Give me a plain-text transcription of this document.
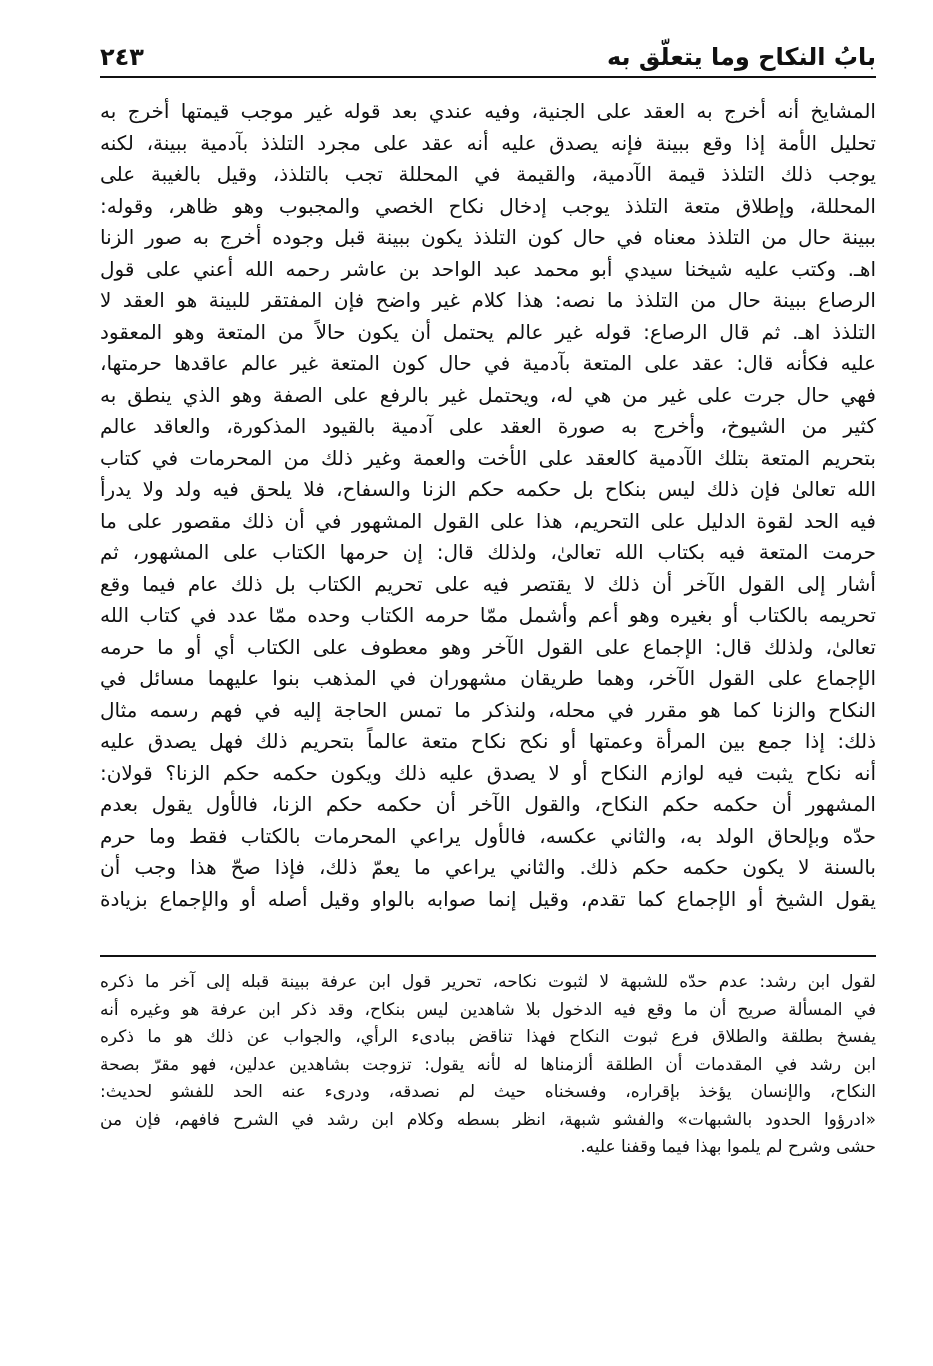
بابُ النكاح وما يتعلّق به
٢٤٣
المشايخ أنه أخرج به العقد على الجنية، وفيه عندي بعد قوله غير موجب قيمتها أخرج به
تحليل الأمة إذا وقع ببينة فإنه يصدق عليه أنه عقد على مجرد التلذذ بآدمية ببينة، لكنه
يوجب ذلك التلذذ قيمة الآدمية، والقيمة في المحللة تجب بالتلذذ، وقيل بالغيبة على
المحللة، وإطلاق متعة التلذذ يوجب إدخال نكاح الخصي والمجبوب وهو ظاهر، وقوله:
ببينة حال من التلذذ معناه في حال كون التلذذ يكون ببينة قبل وجوده أخرج به صور الزنا
اهـ. وكتب عليه شيخنا سيدي أبو محمد عبد الواحد بن عاشر رحمه الله أعني على قول
الرصاع ببينة حال من التلذذ ما نصه: هذا كلام غير واضح فإن المفتقر للبينة هو العقد لا
التلذذ اهـ. ثم قال الرصاع: قوله غير عالم يحتمل أن يكون حالاً من المتعة وهو المعقود
عليه فكأنه قال: عقد على المتعة بآدمية في حال كون المتعة غير عالم عاقدها حرمتها،
فهي حال جرت على غير من هي له، ويحتمل غير بالرفع على الصفة وهو الذي ينطق به
كثير من الشيوخ، وأخرج به صورة العقد على آدمية بالقيود المذكورة، والعاقد عالم
بتحريم المتعة بتلك الآدمية كالعقد على الأخت والعمة وغير ذلك من المحرمات في كتاب
الله تعالىٰ فإن ذلك ليس بنكاح بل حكمه حكم الزنا والسفاح، فلا يلحق فيه ولد ولا يدرأ
فيه الحد لقوة الدليل على التحريم، هذا على القول المشهور في أن ذلك مقصور على ما
حرمت المتعة فيه بكتاب الله تعالىٰ، ولذلك قال: إن حرمها الكتاب على المشهور، ثم
أشار إلى القول الآخر أن ذلك لا يقتصر فيه على تحريم الكتاب بل ذلك عام فيما وقع
تحريمه بالكتاب أو بغيره وهو أعم وأشمل ممّا حرمه الكتاب وحده ممّا عدد في كتاب الله
تعالىٰ، ولذلك قال: الإجماع على القول الآخر وهو معطوف على الكتاب أي أو ما حرمه
الإجماع على القول الآخر، وهما طريقان مشهوران في المذهب بنوا عليهما مسائل في
النكاح والزنا كما هو مقرر في محله، ولنذكر ما تمس الحاجة إليه في فهم رسمه مثال
ذلك: إذا جمع بين المرأة وعمتها أو نكح نكاح متعة عالماً بتحريم ذلك فهل يصدق عليه
أنه نكاح يثبت فيه لوازم النكاح أو لا يصدق عليه ذلك ويكون حكمه حكم الزنا؟ قولان:
المشهور أن حكمه حكم النكاح، والقول الآخر أن حكمه حكم الزنا، فالأول يقول بعدم
حدّه وبإلحاق الولد به، والثاني عكسه، فالأول يراعي المحرمات بالكتاب فقط وما حرم
بالسنة لا يكون حكمه حكم ذلك. والثاني يراعي ما يعمّ ذلك، فإذا صحّ هذا وجب أن
يقول الشيخ أو الإجماع كما تقدم، وقيل إنما صوابه بالواو وقيل أصله أو والإجماع بزيادة
لقول ابن رشد: عدم حدّه للشبهة لا لثبوت نكاحه، تحرير قول ابن عرفة ببينة قبله إلى آخر ما ذكره
في المسألة صريح أن ما وقع فيه الدخول بلا شاهدين ليس بنكاح، وقد ذكر ابن عرفة هو وغيره أنه
يفسخ بطلقة والطلاق فرع ثبوت النكاح فهذا تناقض ببادىء الرأي، والجواب عن ذلك هو ما ذكره
ابن رشد في المقدمات أن الطلقة ألزمناها له لأنه يقول: تزوجت بشاهدين عدلين، فهو مقرّ بصحة
النكاح، والإنسان يؤخذ بإقراره، وفسخناه حيث لم نصدقه، ودرىء عنه الحد للفشو لحديث:
«ادرؤوا الحدود بالشبهات» والفشو شبهة، انظر بسطه وكلام ابن رشد في الشرح فافهم، فإن من
حشى وشرح لم يلموا بهذا فيما وقفنا عليه.
